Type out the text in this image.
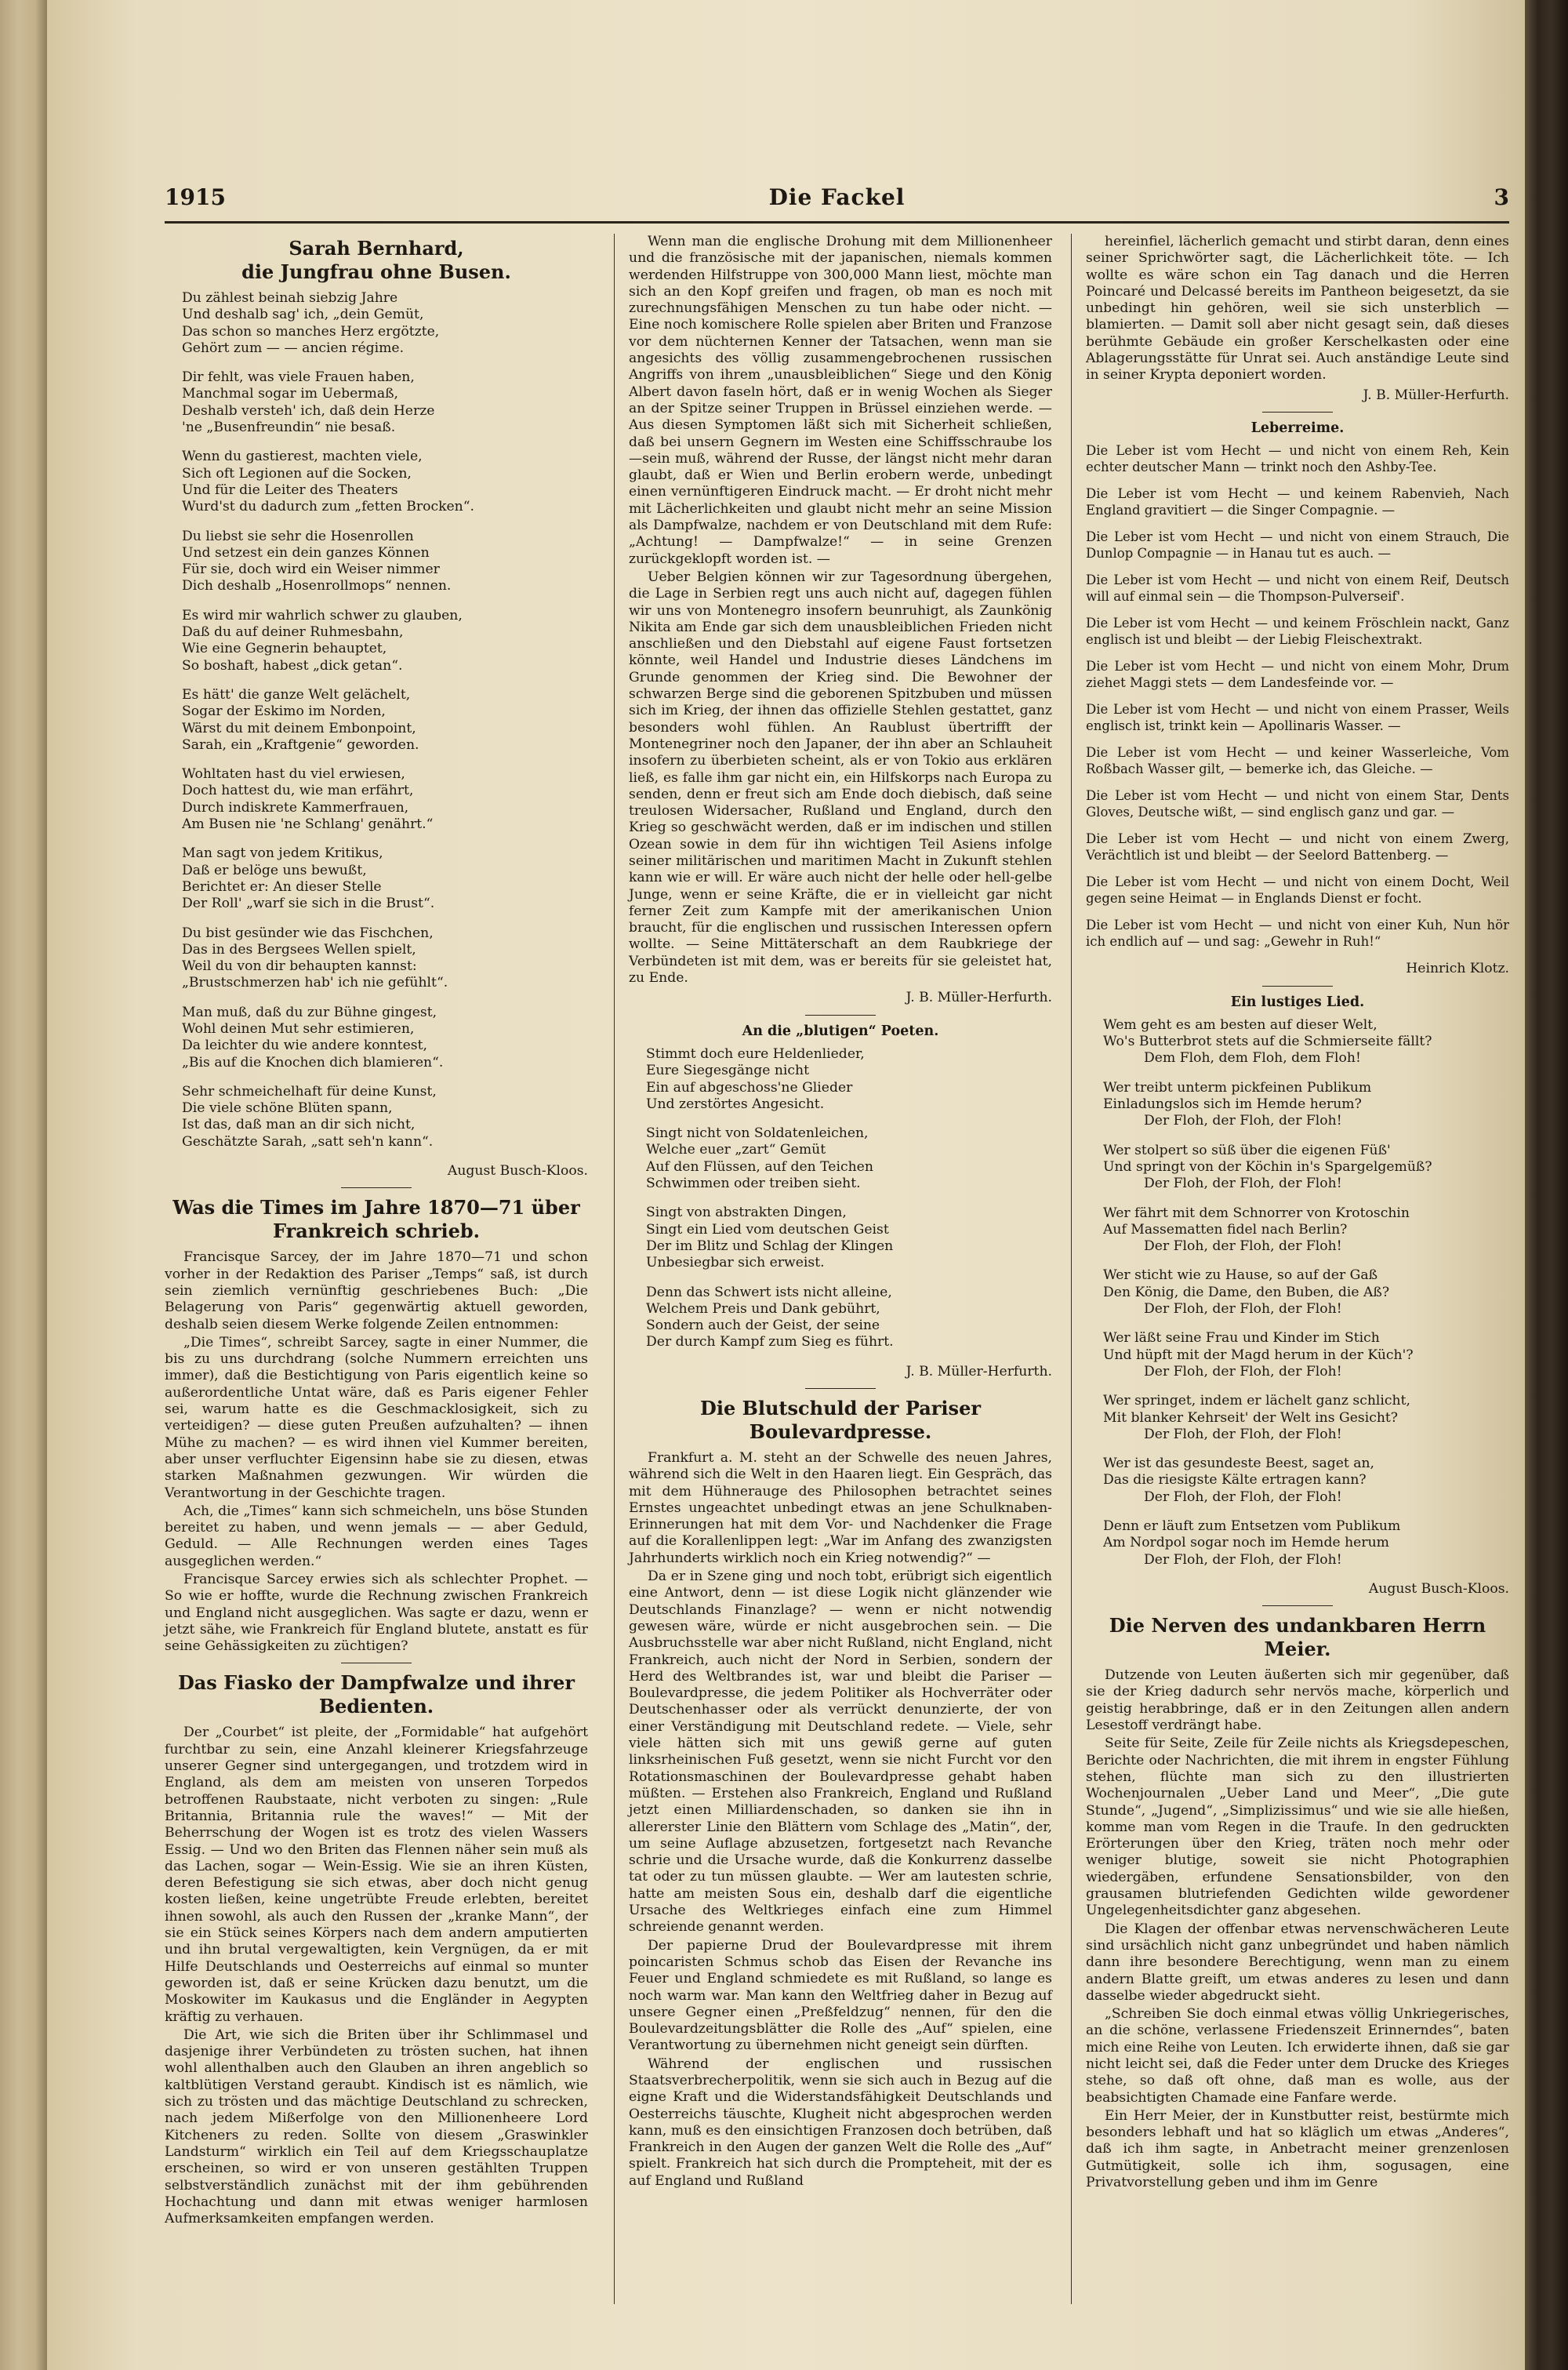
1915	Die Fackel	3
Sarah Bernhard,
die Jungfrau ohne Busen.
Du zählest beinah siebzig Jahre
Und deshalb sag' ich, „dein Gemüt,
Das schon so manches Herz ergötzte,
Gehört zum — — ancien régime.
Dir fehlt, was viele Frauen haben,
Manchmal sogar im Uebermaß,
Deshalb versteh' ich, daß dein Herze
'ne „Busenfreundin“ nie besaß.
Wenn du gastierest, machten viele,
Sich oft Legionen auf die Socken,
Und für die Leiter des Theaters
Wurd'st du dadurch zum „fetten Brocken“.
Du liebst sie sehr die Hosenrollen
Und setzest ein dein ganzes Können
Für sie, doch wird ein Weiser nimmer
Dich deshalb „Hosenrollmops“ nennen.
Es wird mir wahrlich schwer zu glauben,
Daß du auf deiner Ruhmesbahn,
Wie eine Gegnerin behauptet,
So boshaft, habest „dick getan“.
Es hätt' die ganze Welt gelächelt,
Sogar der Eskimo im Norden,
Wärst du mit deinem Embonpoint,
Sarah, ein „Kraftgenie“ geworden.
Wohltaten hast du viel erwiesen,
Doch hattest du, wie man erfährt,
Durch indiskrete Kammerfrauen,
Am Busen nie 'ne Schlang' genährt.“
Man sagt von jedem Kritikus,
Daß er belöge uns bewußt,
Berichtet er: An dieser Stelle
Der Roll' „warf sie sich in die Brust“.
Du bist gesünder wie das Fischchen,
Das in des Bergsees Wellen spielt,
Weil du von dir behaupten kannst:
„Brustschmerzen hab' ich nie gefühlt“.
Man muß, daß du zur Bühne gingest,
Wohl deinen Mut sehr estimieren,
Da leichter du wie andere konntest,
„Bis auf die Knochen dich blamieren“.
Sehr schmeichelhaft für deine Kunst,
Die viele schöne Blüten spann,
Ist das, daß man an dir sich nicht,
Geschätzte Sarah, „satt seh'n kann“.
August Busch-Kloos.
Was die Times im Jahre 1870—71 über Frankreich schrieb.

Francisque Sarcey, der im Jahre 1870—71 und schon vorher in der Redaktion des Pariser „Temps“ saß, ist durch sein ziemlich vernünftig geschriebenes Buch: „Die Belagerung von Paris“ gegenwärtig aktuell geworden, deshalb seien diesem Werke folgende Zeilen entnommen:

„Die Times“, schreibt Sarcey, sagte in einer Nummer, die bis zu uns durchdrang (solche Nummern erreichten uns immer), daß die Bestichtigung von Paris eigentlich keine so außerordentliche Untat wäre, daß es Paris eigener Fehler sei, warum hatte es die Geschmacklosigkeit, sich zu verteidigen? — diese guten Preußen aufzuhalten? — ihnen Mühe zu machen? — es wird ihnen viel Kummer bereiten, aber unser verfluchter Eigensinn habe sie zu diesen, etwas starken Maßnahmen gezwungen. Wir würden die Verantwortung in der Geschichte tragen.

Ach, die „Times“ kann sich schmeicheln, uns böse Stunden bereitet zu haben, und wenn jemals — — aber Geduld, Geduld. — Alle Rechnungen werden eines Tages ausgeglichen werden.“

Francisque Sarcey erwies sich als schlechter Prophet. — So wie er hoffte, wurde die Rechnung zwischen Frankreich und England nicht ausgeglichen. Was sagte er dazu, wenn er jetzt sähe, wie Frankreich für England blutete, anstatt es für seine Gehässigkeiten zu züchtigen?

Das Fiasko der Dampfwalze und ihrer Bedienten.

Der „Courbet“ ist pleite, der „Formidable“ hat aufgehört furchtbar zu sein, eine Anzahl kleinerer Kriegsfahrzeuge unserer Gegner sind untergegangen, und trotzdem wird in England, als dem am meisten von unseren Torpedos betroffenen Raubstaate, nicht verboten zu singen: „Rule Britannia, Britannia rule the waves!“ — Mit der Beherrschung der Wogen ist es trotz des vielen Wassers Essig. — Und wo den Briten das Flennen näher sein muß als das Lachen, sogar — Wein-Essig. Wie sie an ihren Küsten, deren Befestigung sie sich etwas, aber doch nicht genug kosten ließen, keine ungetrübte Freude erlebten, bereitet ihnen sowohl, als auch den Russen der „kranke Mann“, der sie ein Stück seines Körpers nach dem andern amputierten und ihn brutal vergewaltigten, kein Vergnügen, da er mit Hilfe Deutschlands und Oesterreichs auf einmal so munter geworden ist, daß er seine Krücken dazu benutzt, um die Moskowiter im Kaukasus und die Engländer in Aegypten kräftig zu verhauen.

Die Art, wie sich die Briten über ihr Schlimmasel und dasjenige ihrer Verbündeten zu trösten suchen, hat ihnen wohl allenthalben auch den Glauben an ihren angeblich so kaltblütigen Verstand geraubt. Kindisch ist es nämlich, wie sich zu trösten und das mächtige Deutschland zu schrecken, nach jedem Mißerfolge von den Millionenheere Lord Kitcheners zu reden. Sollte von diesem „Graswinkler Landsturm“ wirklich ein Teil auf dem Kriegsschauplatze erscheinen, so wird er von unseren gestählten Truppen selbstverständlich zunächst mit der ihm gebührenden Hochachtung und dann mit etwas weniger harmlosen Aufmerksamkeiten empfangen werden.

Wenn man die englische Drohung mit dem Millionenheer und die französische mit der japanischen, niemals kommen werdenden Hilfstruppe von 300,000 Mann liest, möchte man sich an den Kopf greifen und fragen, ob man es noch mit zurechnungsfähigen Menschen zu tun habe oder nicht. — Eine noch komischere Rolle spielen aber Briten und Franzose vor dem nüchternen Kenner der Tatsachen, wenn man sie angesichts des völlig zusammengebrochenen russischen Angriffs von ihrem „unausbleiblichen“ Siege und den König Albert davon faseln hört, daß er in wenig Wochen als Sieger an der Spitze seiner Truppen in Brüssel einziehen werde. — Aus diesen Symptomen läßt sich mit Sicherheit schließen, daß bei unsern Gegnern im Westen eine Schiffsschraube los—sein muß, während der Russe, der längst nicht mehr daran glaubt, daß er Wien und Berlin erobern werde, unbedingt einen vernünftigeren Eindruck macht. — Er droht nicht mehr mit Lächerlichkeiten und glaubt nicht mehr an seine Mission als Dampfwalze, nachdem er von Deutschland mit dem Rufe: „Achtung! — Dampfwalze!“ — in seine Grenzen zurückgeklopft worden ist. —

Ueber Belgien können wir zur Tagesordnung übergehen, die Lage in Serbien regt uns auch nicht auf, dagegen fühlen wir uns von Montenegro insofern beunruhigt, als Zaunkönig Nikita am Ende gar sich dem unausbleiblichen Frieden nicht anschließen und den Diebstahl auf eigene Faust fortsetzen könnte, weil Handel und Industrie dieses Ländchens im Grunde genommen der Krieg sind. Die Bewohner der schwarzen Berge sind die geborenen Spitzbuben und müssen sich im Krieg, der ihnen das offizielle Stehlen gestattet, ganz besonders wohl fühlen. An Raublust übertrifft der Montenegriner noch den Japaner, der ihn aber an Schlauheit insofern zu überbieten scheint, als er von Tokio aus erklären ließ, es falle ihm gar nicht ein, ein Hilfskorps nach Europa zu senden, denn er freut sich am Ende doch diebisch, daß seine treulosen Widersacher, Rußland und England, durch den Krieg so geschwächt werden, daß er im indischen und stillen Ozean sowie in dem für ihn wichtigen Teil Asiens infolge seiner militärischen und maritimen Macht in Zukunft stehlen kann wie er will. Er wäre auch nicht der helle oder hell-gelbe Junge, wenn er seine Kräfte, die er in vielleicht gar nicht ferner Zeit zum Kampfe mit der amerikanischen Union braucht, für die englischen und russischen Interessen opfern wollte. — Seine Mittäterschaft an dem Raubkriege der Verbündeten ist mit dem, was er bereits für sie geleistet hat, zu Ende.

J. B. Müller-Herfurth.
An die „blutigen“ Poeten.
Stimmt doch eure Heldenlieder,
Eure Siegesgänge nicht
Ein auf abgeschoss'ne Glieder
Und zerstörtes Angesicht.
Singt nicht von Soldatenleichen,
Welche euer „zart“ Gemüt
Auf den Flüssen, auf den Teichen
Schwimmen oder treiben sieht.
Singt von abstrakten Dingen,
Singt ein Lied vom deutschen Geist
Der im Blitz und Schlag der Klingen
Unbesiegbar sich erweist.
Denn das Schwert ists nicht alleine,
Welchem Preis und Dank gebührt,
Sondern auch der Geist, der seine
Der durch Kampf zum Sieg es führt.
J. B. Müller-Herfurth.
Die Blutschuld der Pariser Boulevardpresse.

Frankfurt a. M. steht an der Schwelle des neuen Jahres, während sich die Welt in den Haaren liegt. Ein Gespräch, das mit dem Hühnerauge des Philosophen betrachtet seines Ernstes ungeachtet unbedingt etwas an jene Schulknaben-Erinnerungen hat mit dem Vor- und Nachdenker die Frage auf die Korallenlippen legt: „War im Anfang des zwanzigsten Jahrhunderts wirklich noch ein Krieg notwendig?“ —

Da er in Szene ging und noch tobt, erübrigt sich eigentlich eine Antwort, denn — ist diese Logik nicht glänzender wie Deutschlands Finanzlage? — wenn er nicht notwendig gewesen wäre, würde er nicht ausgebrochen sein. — Die Ausbruchsstelle war aber nicht Rußland, nicht England, nicht Frankreich, auch nicht der Nord in Serbien, sondern der Herd des Weltbrandes ist, war und bleibt die Pariser — Boulevardpresse, die jedem Politiker als Hochverräter oder Deutschenhasser oder als verrückt denunzierte, der von einer Verständigung mit Deutschland redete. — Viele, sehr viele hätten sich mit uns gewiß gerne auf guten linksrheinischen Fuß gesetzt, wenn sie nicht Furcht vor den Rotationsmaschinen der Boulevardpresse gehabt haben müßten. — Erstehen also Frankreich, England und Rußland jetzt einen Milliardenschaden, so danken sie ihn in allererster Linie den Blättern vom Schlage des „Matin“, der, um seine Auflage abzusetzen, fortgesetzt nach Revanche schrie und die Ursache wurde, daß die Konkurrenz dasselbe tat oder zu tun müssen glaubte. — Wer am lautesten schrie, hatte am meisten Sous ein, deshalb darf die eigentliche Ursache des Weltkrieges einfach eine zum Himmel schreiende genannt werden.

Der papierne Drud der Boulevardpresse mit ihrem poincaristen Schmus schob das Eisen der Revanche ins Feuer und England schmiedete es mit Rußland, so lange es noch warm war. Man kann den Weltfrieg daher in Bezug auf unsere Gegner einen „Preßfeldzug“ nennen, für den die Boulevardzeitungsblätter die Rolle des „Auf“ spielen, eine Verantwortung zu übernehmen nicht geneigt sein dürften.

Während der englischen und russischen Staatsverbrecherpolitik, wenn sie sich auch in Bezug auf die eigne Kraft und die Widerstandsfähigkeit Deutschlands und Oesterreichs täuschte, Klugheit nicht abgesprochen werden kann, muß es den einsichtigen Franzosen doch betrüben, daß Frankreich in den Augen der ganzen Welt die Rolle des „Auf“ spielt. Frankreich hat sich durch die Prompteheit, mit der es auf England und Rußland

hereinfiel, lächerlich gemacht und stirbt daran, denn eines seiner Sprichwörter sagt, die Lächerlichkeit töte. — Ich wollte es wäre schon ein Tag danach und die Herren Poincaré und Delcassé bereits im Pantheon beigesetzt, da sie unbedingt hin gehören, weil sie sich unsterblich — blamierten. — Damit soll aber nicht gesagt sein, daß dieses berühmte Gebäude ein großer Kerschelkasten oder eine Ablagerungsstätte für Unrat sei. Auch anständige Leute sind in seiner Krypta deponiert worden.

J. B. Müller-Herfurth.
Leberreime.

Die Leber ist vom Hecht — und nicht von einem Reh, Kein echter deutscher Mann — trinkt noch den Ashby-Tee.

Die Leber ist vom Hecht — und keinem Rabenvieh, Nach England gravitiert — die Singer Compagnie. —

Die Leber ist vom Hecht — und nicht von einem Strauch, Die Dunlop Compagnie — in Hanau tut es auch. —

Die Leber ist vom Hecht — und nicht von einem Reif, Deutsch will auf einmal sein — die Thompson-Pulverseif'.

Die Leber ist vom Hecht — und keinem Fröschlein nackt, Ganz englisch ist und bleibt — der Liebig Fleischextrakt.

Die Leber ist vom Hecht — und nicht von einem Mohr, Drum ziehet Maggi stets — dem Landesfeinde vor. —

Die Leber ist vom Hecht — und nicht von einem Prasser, Weils englisch ist, trinkt kein — Apollinaris Wasser. —

Die Leber ist vom Hecht — und keiner Wasserleiche, Vom Roßbach Wasser gilt, — bemerke ich, das Gleiche. —

Die Leber ist vom Hecht — und nicht von einem Star, Dents Gloves, Deutsche wißt, — sind englisch ganz und gar. —

Die Leber ist vom Hecht — und nicht von einem Zwerg, Verächtlich ist und bleibt — der Seelord Battenberg. —

Die Leber ist vom Hecht — und nicht von einem Docht, Weil gegen seine Heimat — in Englands Dienst er focht.

Die Leber ist vom Hecht — und nicht von einer Kuh, Nun hör ich endlich auf — und sag: „Gewehr in Ruh!“

Heinrich Klotz.
Ein lustiges Lied.
Wem geht es am besten auf dieser Welt,
Wo's Butterbrot stets auf die Schmierseite fällt?
Dem Floh, dem Floh, dem Floh!
Wer treibt unterm pickfeinen Publikum
Einladungslos sich im Hemde herum?
Der Floh, der Floh, der Floh!
Wer stolpert so süß über die eigenen Füß'
Und springt von der Köchin in's Spargelgemüß?
Der Floh, der Floh, der Floh!
Wer fährt mit dem Schnorrer von Krotoschin
Auf Massematten fidel nach Berlin?
Der Floh, der Floh, der Floh!
Wer sticht wie zu Hause, so auf der Gaß
Den König, die Dame, den Buben, die Aß?
Der Floh, der Floh, der Floh!
Wer läßt seine Frau und Kinder im Stich
Und hüpft mit der Magd herum in der Küch'?
Der Floh, der Floh, der Floh!
Wer springet, indem er lächelt ganz schlicht,
Mit blanker Kehrseit' der Welt ins Gesicht?
Der Floh, der Floh, der Floh!
Wer ist das gesundeste Beest, saget an,
Das die riesigste Kälte ertragen kann?
Der Floh, der Floh, der Floh!
Denn er läuft zum Entsetzen vom Publikum
Am Nordpol sogar noch im Hemde herum
Der Floh, der Floh, der Floh!
August Busch-Kloos.
Die Nerven des undankbaren Herrn Meier.

Dutzende von Leuten äußerten sich mir gegenüber, daß sie der Krieg dadurch sehr nervös mache, körperlich und geistig herabbringe, daß er in den Zeitungen allen andern Lesestoff verdrängt habe.

Seite für Seite, Zeile für Zeile nichts als Kriegsdepeschen, Berichte oder Nachrichten, die mit ihrem in engster Fühlung stehen, flüchte man sich zu den illustrierten Wochenjournalen „Ueber Land und Meer“, „Die gute Stunde“, „Jugend“, „Simplizissimus“ und wie sie alle hießen, komme man vom Regen in die Traufe. In den gedruckten Erörterungen über den Krieg, träten noch mehr oder weniger blutige, soweit sie nicht Photographien wiedergäben, erfundene Sensationsbilder, von den grausamen blutriefenden Gedichten wilde gewordener Ungelegenheitsdichter ganz abgesehen.

Die Klagen der offenbar etwas nervenschwächeren Leute sind ursächlich nicht ganz unbegründet und haben nämlich dann ihre besondere Berechtigung, wenn man zu einem andern Blatte greift, um etwas anderes zu lesen und dann dasselbe wieder abgedruckt sieht.

„Schreiben Sie doch einmal etwas völlig Unkriegerisches, an die schöne, verlassene Friedenszeit Erinnerndes“, baten mich eine Reihe von Leuten. Ich erwiderte ihnen, daß sie gar nicht leicht sei, daß die Feder unter dem Drucke des Krieges stehe, so daß oft ohne, daß man es wolle, aus der beabsichtigten Chamade eine Fanfare werde.

Ein Herr Meier, der in Kunstbutter reist, bestürmte mich besonders lebhaft und hat so kläglich um etwas „Anderes“, daß ich ihm sagte, in Anbetracht meiner grenzenlosen Gutmütigkeit, solle ich ihm, sogusagen, eine Privatvorstellung geben und ihm im Genre
